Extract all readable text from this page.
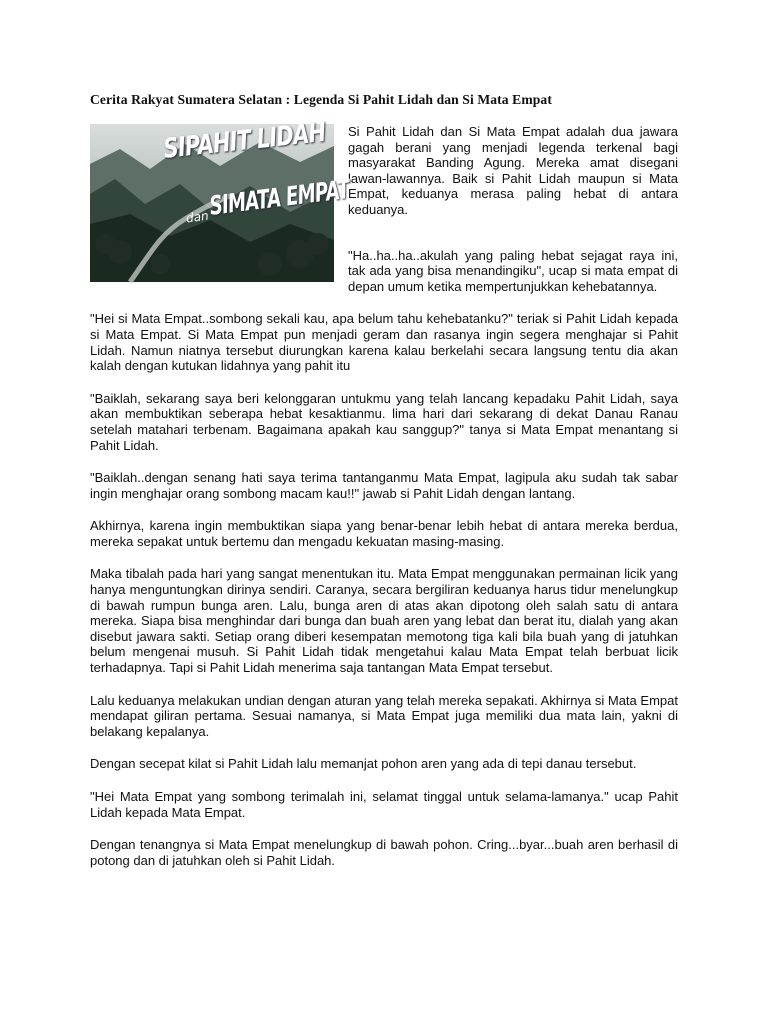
Cerita Rakyat Sumatera Selatan : Legenda Si Pahit Lidah dan Si Mata Empat
SIPAHIT LIDAH
dan
SIMATA EMPAT

Si Pahit Lidah dan Si Mata Empat adalah dua jawara gagah berani yang menjadi legenda terkenal bagi masyarakat Banding Agung. Mereka amat disegani lawan-lawannya. Baik si Pahit Lidah maupun si Mata Empat, keduanya merasa paling hebat di antara keduanya.

"Ha..ha..ha..akulah yang paling hebat sejagat raya ini, tak ada yang bisa menandingiku", ucap si mata empat di depan umum ketika mempertunjukkan kehebatannya.

"Hei si Mata Empat..sombong sekali kau, apa belum tahu kehebatanku?" teriak si Pahit Lidah kepada si Mata Empat. Si Mata Empat pun menjadi geram dan rasanya ingin segera menghajar si Pahit Lidah. Namun niatnya tersebut diurungkan karena kalau berkelahi secara langsung tentu dia akan kalah dengan kutukan lidahnya yang pahit itu

"Baiklah, sekarang saya beri kelonggaran untukmu yang telah lancang kepadaku Pahit Lidah, saya akan membuktikan seberapa hebat kesaktianmu. lima hari dari sekarang di dekat Danau Ranau setelah matahari terbenam. Bagaimana apakah kau sanggup?" tanya si Mata Empat menantang si Pahit Lidah.

"Baiklah..dengan senang hati saya terima tantanganmu Mata Empat, lagipula aku sudah tak sabar ingin menghajar orang sombong macam kau!!" jawab si Pahit Lidah dengan lantang.

Akhirnya, karena ingin membuktikan siapa yang benar-benar lebih hebat di antara mereka berdua, mereka sepakat untuk bertemu dan mengadu kekuatan masing-masing.

Maka tibalah pada hari yang sangat menentukan itu. Mata Empat menggunakan permainan licik yang hanya menguntungkan dirinya sendiri. Caranya, secara bergiliran keduanya harus tidur menelungkup di bawah rumpun bunga aren. Lalu, bunga aren di atas akan dipotong oleh salah satu di antara mereka. Siapa bisa menghindar dari bunga dan buah aren yang lebat dan berat itu, dialah yang akan disebut jawara sakti. Setiap orang diberi kesempatan memotong tiga kali bila buah yang di jatuhkan belum mengenai musuh. Si Pahit Lidah tidak mengetahui kalau Mata Empat telah berbuat licik terhadapnya. Tapi si Pahit Lidah menerima saja tantangan Mata Empat tersebut.

Lalu keduanya melakukan undian dengan aturan yang telah mereka sepakati. Akhirnya si Mata Empat mendapat giliran pertama. Sesuai namanya, si Mata Empat juga memiliki dua mata lain, yakni di belakang kepalanya.

Dengan secepat kilat si Pahit Lidah lalu memanjat pohon aren yang ada di tepi danau tersebut.

"Hei Mata Empat yang sombong terimalah ini, selamat tinggal untuk selama-lamanya." ucap Pahit Lidah kepada Mata Empat.

Dengan tenangnya si Mata Empat menelungkup di bawah pohon. Cring...byar...buah aren berhasil di potong dan di jatuhkan oleh si Pahit Lidah.
